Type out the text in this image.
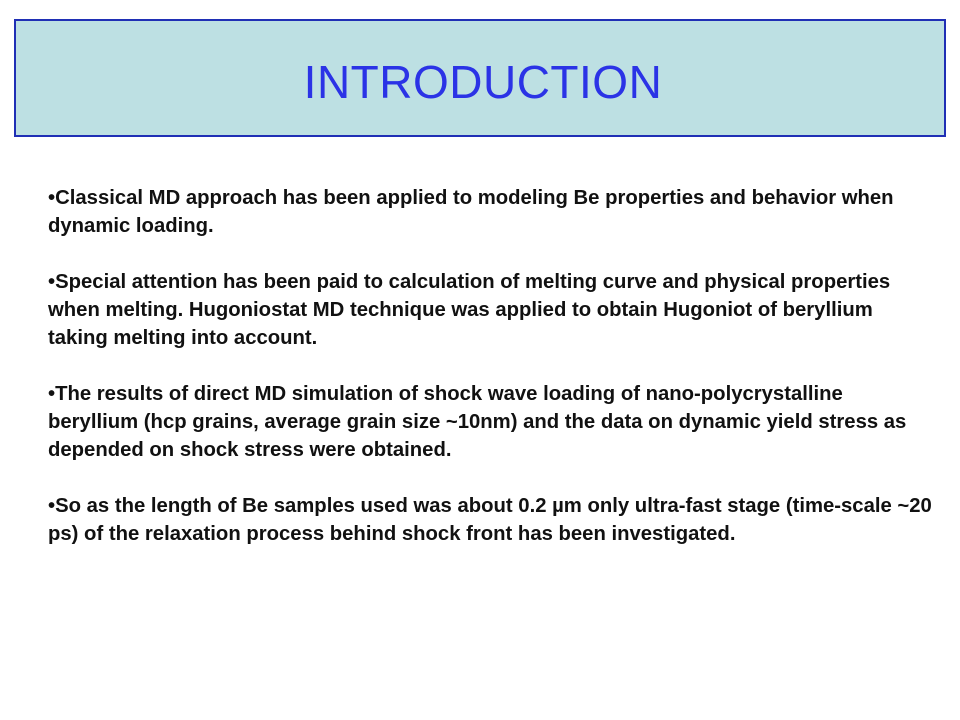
INTRODUCTION

•Classical MD approach has been applied to modeling Be properties and behavior when dynamic loading.

•Special attention has been paid to calculation of melting curve and physical properties when melting. Hugoniostat MD technique was applied to obtain Hugoniot of beryllium taking melting into account.

•The results of direct MD simulation of shock wave loading of nano-polycrystalline beryllium (hcp grains, average grain size ~10nm) and the data on dynamic yield stress as depended on shock stress were obtained.

•So as the length of Be samples used was about 0.2 µm only ultra-fast stage (time-scale ~20 ps) of the relaxation process behind shock front has been investigated.
